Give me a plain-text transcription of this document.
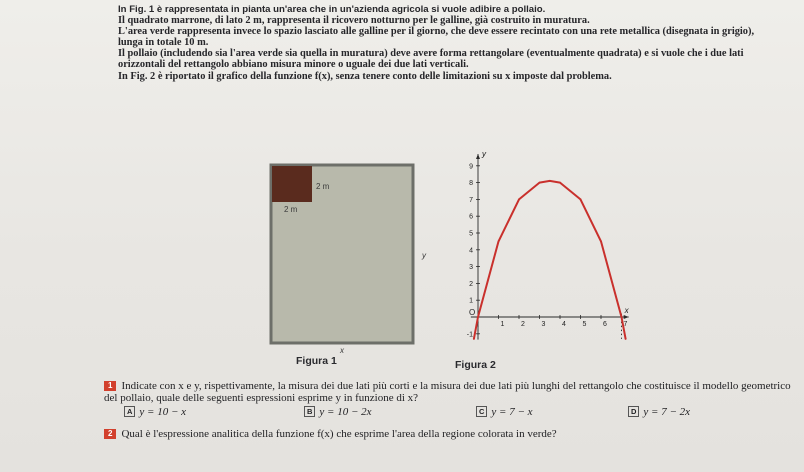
In Fig. 1 è rappresentata in pianta un'area che in un'azienda agricola si vuole adibire a pollaio.

Il quadrato marrone, di lato 2 m, rappresenta il ricovero notturno per le galline, già costruito in muratura.

L'area verde rappresenta invece lo spazio lasciato alle galline per il giorno, che deve essere recintato con una rete metallica (disegnata in grigio), lunga in totale 10 m.

Il pollaio (includendo sia l'area verde sia quella in muratura) deve avere forma rettangolare (eventualmente quadrata) e si vuole che i due lati orizzontali del rettangolo abbiano misura minore o uguale dei due lati verticali.

In Fig. 2 è riportato il grafico della funzione f(x), senza tenere conto delle limitazioni su x imposte dal problema.

2 m
2 m
y
x
Figura 1
y
x
O
1 2 3 4 5 6 7
-1
1
2
3
4
5
6
7
8
9
Figura 2
1 Indicate con x e y, rispettivamente, la misura dei due lati più corti e la misura dei due lati più lunghi del rettangolo che costituisce il modello geometrico del pollaio, quale delle seguenti espressioni esprime y in funzione di x?
A y = 10 − x	B y = 10 − 2x	C y = 7 − x	D y = 7 − 2x
2 Qual è l'espressione analitica della funzione f(x) che esprime l'area della regione colorata in verde?
